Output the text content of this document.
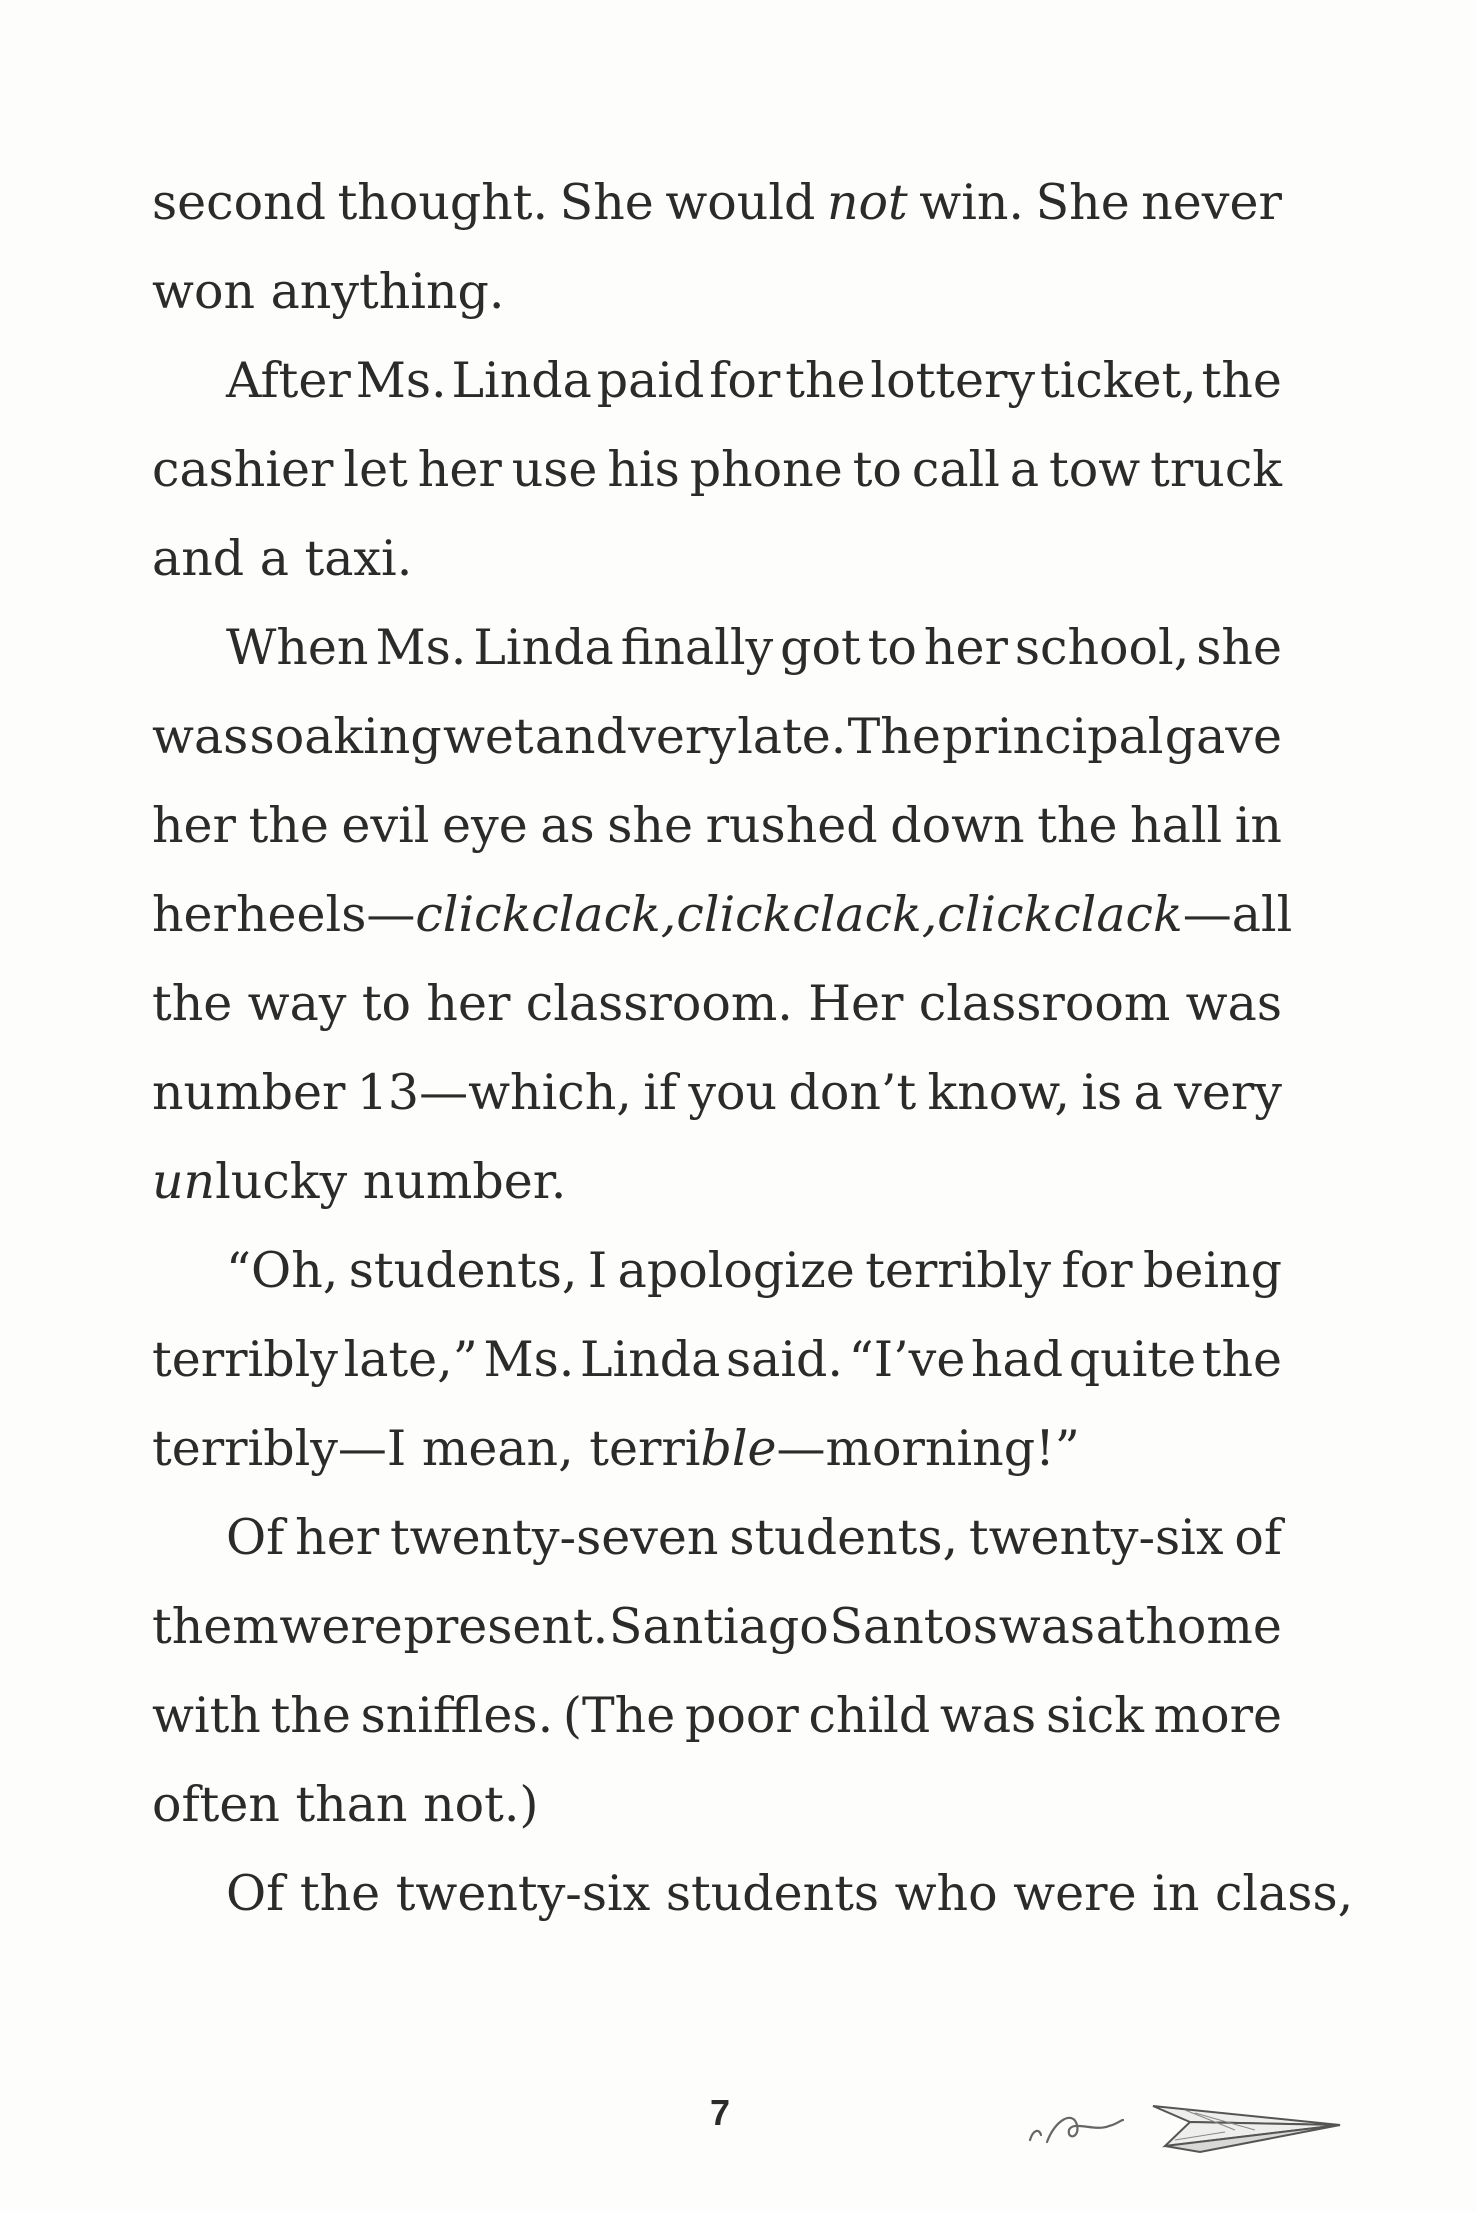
second thought. She would not win. She never
won anything.
After Ms. Linda paid for the lottery ticket, the
cashier let her use his phone to call a tow truck
and a taxi.
When Ms. Linda finally got to her school, she
was soaking wet and very late. The principal gave
her the evil eye as she rushed down the hall in
her heels—click clack, click clack, click clack—all
the way to her classroom. Her classroom was
number 13—which, if you don’t know, is a very
unlucky number.
“Oh, students, I apologize terribly for being
terribly late,” Ms. Linda said. “I’ve had quite the
terribly—I mean, terrible—morning!”
Of her twenty-seven students, twenty-six of
them were present. Santiago Santos was at home
with the sniffles. (The poor child was sick more
often than not.)
Of the twenty-six students who were in class,
7
